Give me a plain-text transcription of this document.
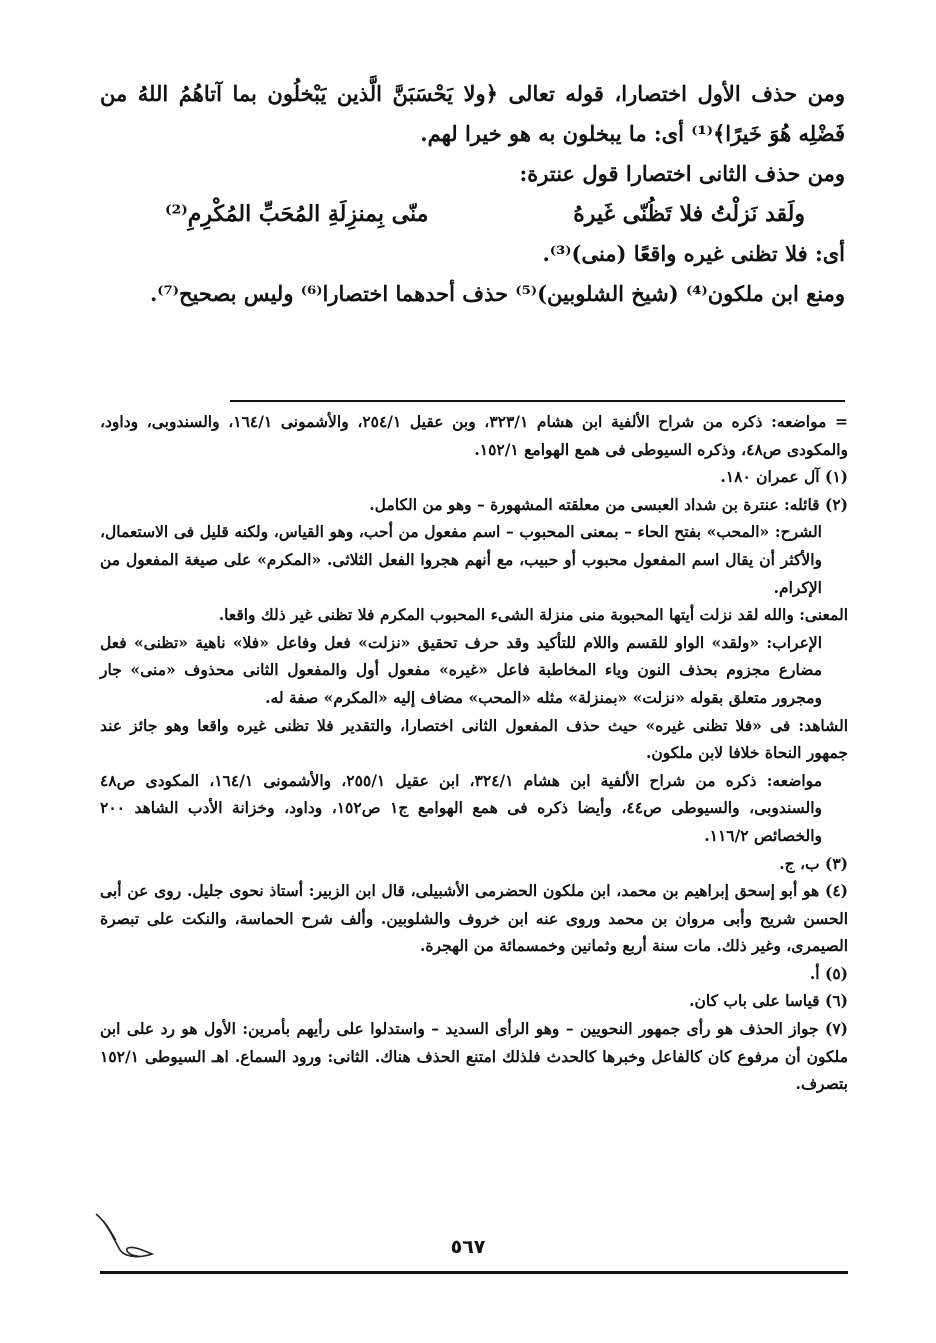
ومن حذف الأول اختصارا، قوله تعالى ﴿ولا يَحْسَبَنَّ الَّذين يَبْخلُون بما آتاهُمُ اللهُ من فَضْلِه هُوَ خَيرًا﴾⁽¹⁾ أى: ما يبخلون به هو خيرا لهم.

ومن حذف الثانى اختصارا قول عنترة:

ولَقد نَزلْتُ فلا تَظُنّى غَيرهُ
منّى بِمنزِلَةِ المُحَبِّ المُكْرِمِ⁽²⁾

أى: فلا تظنى غيره واقعًا (منى)⁽³⁾.

ومنع ابن ملكون⁽⁴⁾ (شيخ الشلوبين)⁽⁵⁾ حذف أحدهما اختصارا⁽⁶⁾ وليس بصحيح⁽⁷⁾.

= مواضعه: ذكره من شراح الألفية ابن هشام ٣٢٣/١، وبن عقيل ٢٥٤/١، والأشمونى ١٦٤/١، والسندوبى، وداود، والمكودى ص٤٨، وذكره السيوطى فى همع الهوامع ١٥٢/١.

(١) آل عمران ١٨٠.

(٢) قائله: عنترة بن شداد العبسى من معلقته المشهورة – وهو من الكامل.

الشرح: «المحب» بفتح الحاء – بمعنى المحبوب – اسم مفعول من أحب، وهو القياس، ولكنه قليل فى الاستعمال، والأكثر أن يقال اسم المفعول محبوب أو حبيب، مع أنهم هجروا الفعل الثلاثى. «المكرم» على صيغة المفعول من الإكرام.

المعنى: والله لقد نزلت أيتها المحبوبة منى منزلة الشىء المحبوب المكرم فلا تظنى غير ذلك واقعا.

الإعراب: «ولقد» الواو للقسم واللام للتأكيد وقد حرف تحقيق «نزلت» فعل وفاعل «فلا» ناهية «تظنى» فعل مضارع مجزوم بحذف النون وياء المخاطبة فاعل «غيره» مفعول أول والمفعول الثانى محذوف «منى» جار ومجرور متعلق بقوله «نزلت» «بمنزلة» مثله «المحب» مضاف إليه «المكرم» صفة له.

الشاهد: فى «فلا تظنى غيره» حيث حذف المفعول الثانى اختصارا، والتقدير فلا تظنى غيره واقعا وهو جائز عند جمهور النحاة خلافا لابن ملكون.

مواضعه: ذكره من شراح الألفية ابن هشام ٣٢٤/١، ابن عقيل ٢٥٥/١، والأشمونى ١٦٤/١، المكودى ص٤٨ والسندوبى، والسيوطى ص٤٤، وأيضا ذكره فى همع الهوامع ج١ ص١٥٢، وداود، وخزانة الأدب الشاهد ٢٠٠ والخصائص ١١٦/٢.

(٣) ب، ج.

(٤) هو أبو إسحق إبراهيم بن محمد، ابن ملكون الحضرمى الأشبيلى، قال ابن الزبير: أستاذ نحوى جليل. روى عن أبى الحسن شريح وأبى مروان بن محمد وروى عنه ابن خروف والشلوبين. وألف شرح الحماسة، والنكت على تبصرة الصيمرى، وغير ذلك. مات سنة أربع وثمانين وخمسمائة من الهجرة.

(٥) أ.

(٦) قياسا على باب كان.

(٧) جواز الحذف هو رأى جمهور النحويين – وهو الرأى السديد – واستدلوا على رأيهم بأمرين: الأول هو رد على ابن ملكون أن مرفوع كان كالفاعل وخبرها كالحدث فلذلك امتنع الحذف هناك. الثانى: ورود السماع. اهـ السيوطى ١٥٢/١ بتصرف.

٥٦٧
